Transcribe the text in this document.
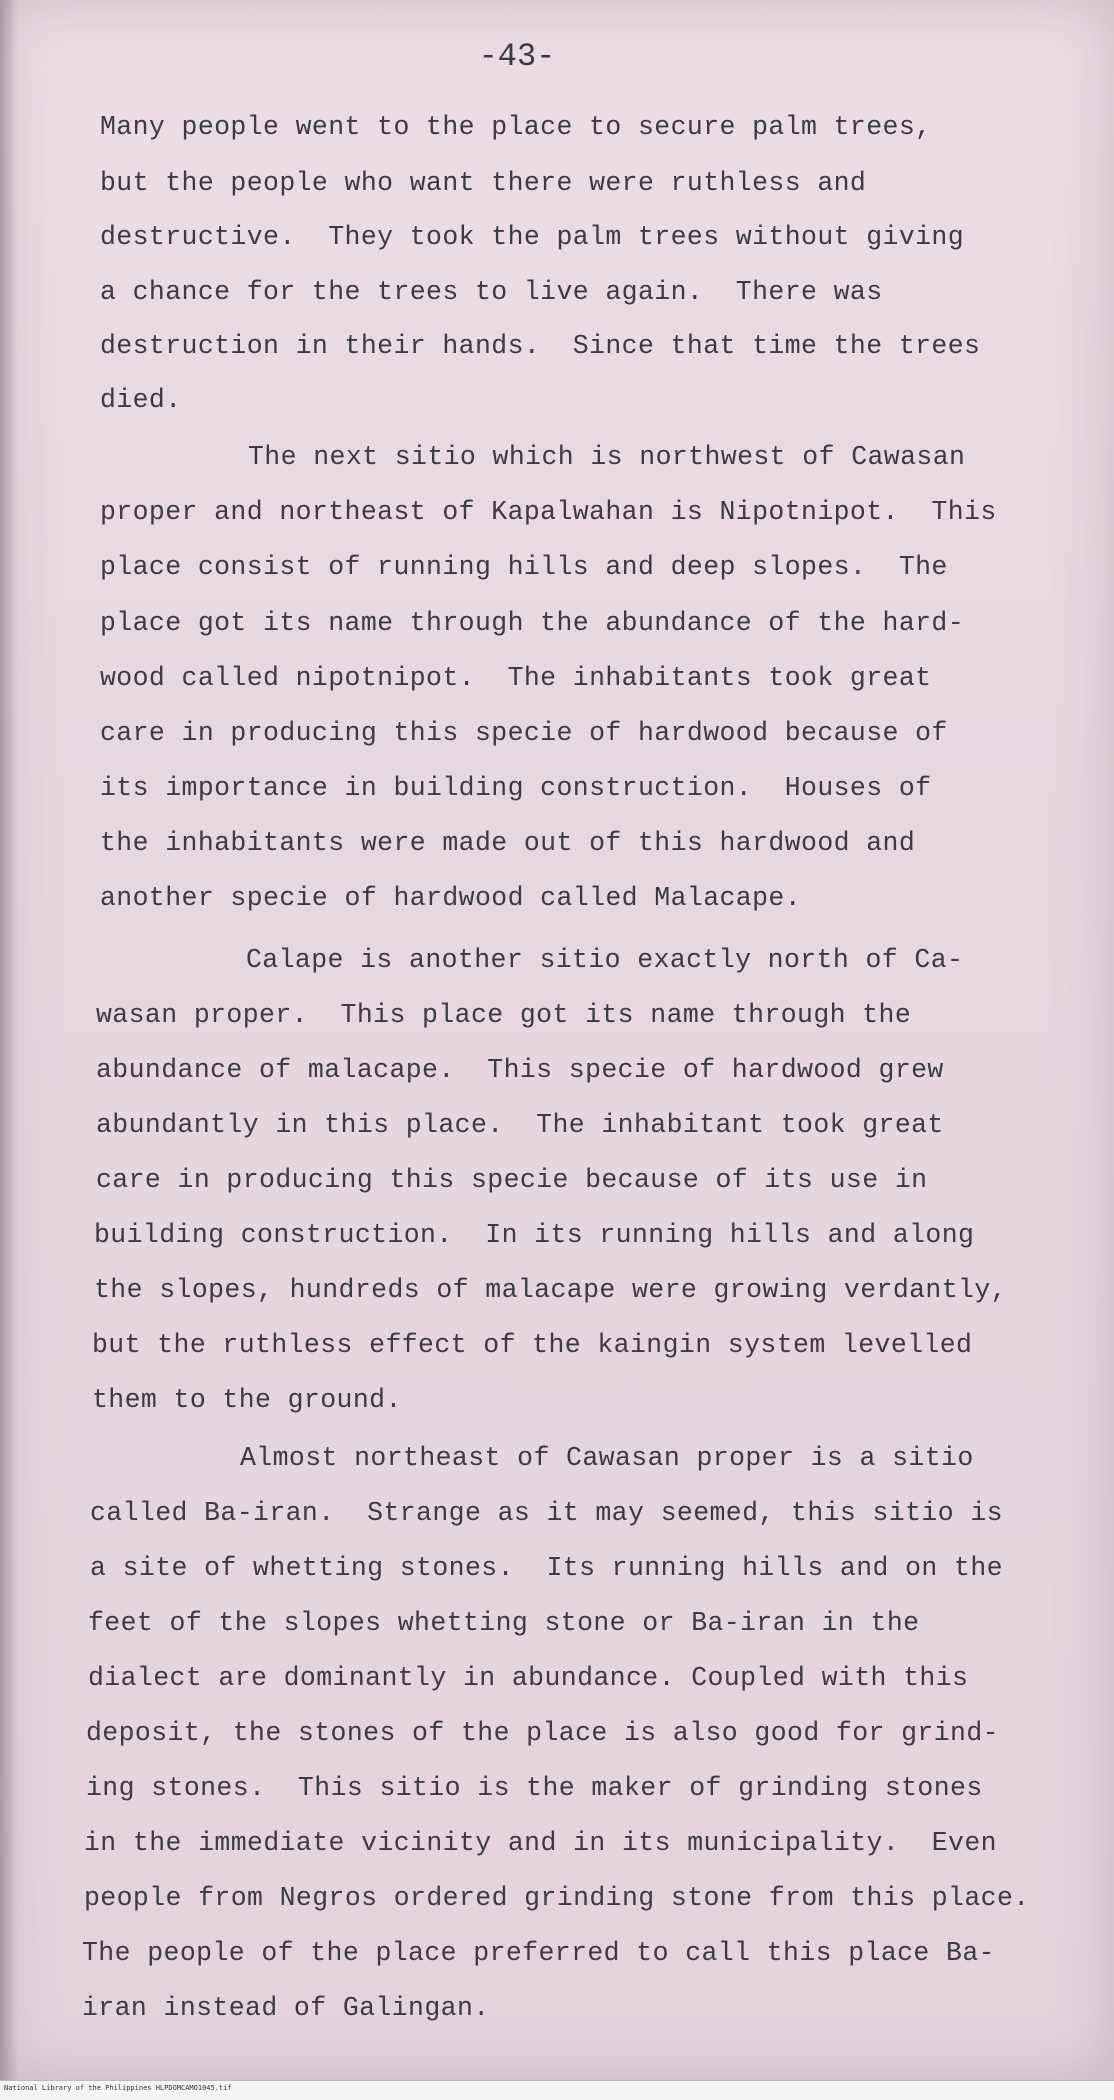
-43-
Many people went to the place to secure palm trees,
but the people who want there were ruthless and
destructive.  They took the palm trees without giving
a chance for the trees to live again.  There was
destruction in their hands.  Since that time the trees
died.
The next sitio which is northwest of Cawasan
proper and northeast of Kapalwahan is Nipotnipot.  This
place consist of running hills and deep slopes.  The
place got its name through the abundance of the hard-
wood called nipotnipot.  The inhabitants took great
care in producing this specie of hardwood because of
its importance in building construction.  Houses of
the inhabitants were made out of this hardwood and
another specie of hardwood called Malacape.
Calape is another sitio exactly north of Ca-
wasan proper.  This place got its name through the
abundance of malacape.  This specie of hardwood grew
abundantly in this place.  The inhabitant took great
care in producing this specie because of its use in
building construction.  In its running hills and along
the slopes, hundreds of malacape were growing verdantly,
but the ruthless effect of the kaingin system levelled
them to the ground.
Almost northeast of Cawasan proper is a sitio
called Ba-iran.  Strange as it may seemed, this sitio is
a site of whetting stones.  Its running hills and on the
feet of the slopes whetting stone or Ba-iran in the
dialect are dominantly in abundance. Coupled with this
deposit, the stones of the place is also good for grind-
ing stones.  This sitio is the maker of grinding stones
in the immediate vicinity and in its municipality.  Even
people from Negros ordered grinding stone from this place.
The people of the place preferred to call this place Ba-
iran instead of Galingan.
National Library of the Philippines HLPDOMCAMO1045.tif
